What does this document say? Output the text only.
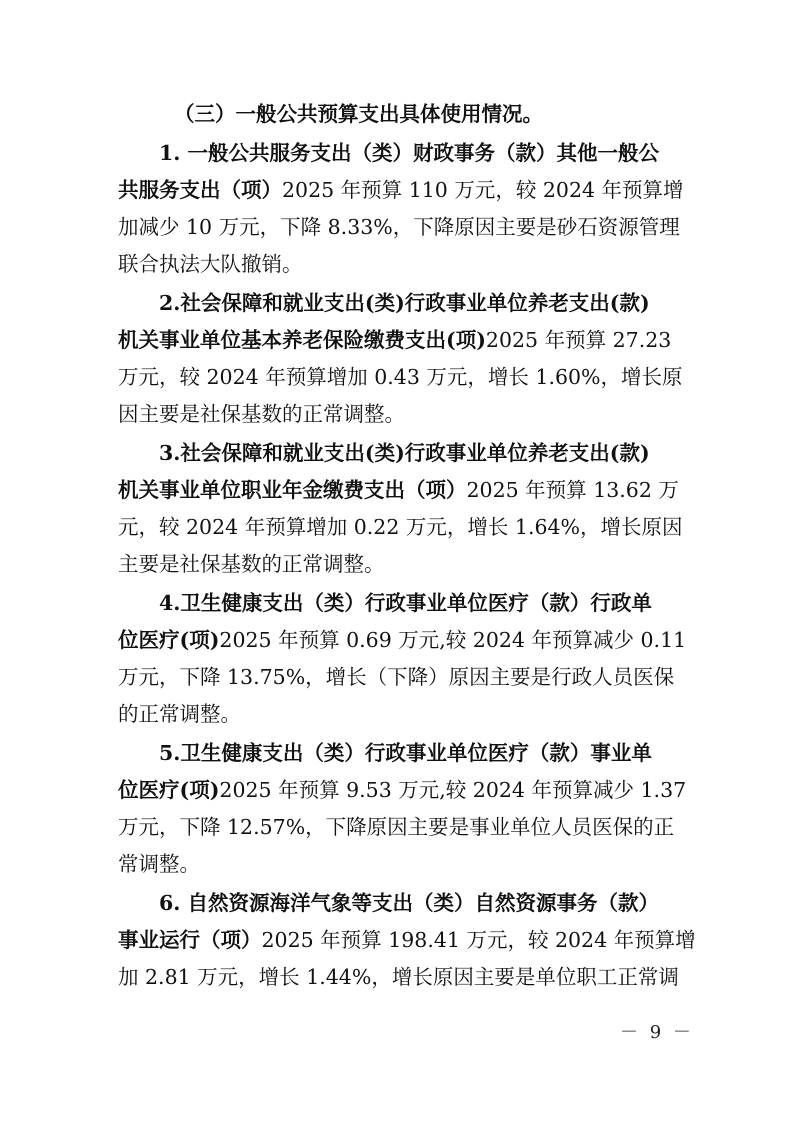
（三）一般公共预算支出具体使用情况。
1. 一般公共服务支出（类）财政事务（款）其他一般公
共服务支出（项）2025 年预算 110 万元，较 2024 年预算增
加减少 10 万元，下降 8.33%，下降原因主要是砂石资源管理
联合执法大队撤销。
2.社会保障和就业支出(类)行政事业单位养老支出(款)
机关事业单位基本养老保险缴费支出(项)2025 年预算 27.23
万元，较 2024 年预算增加 0.43 万元，增长 1.60%，增长原
因主要是社保基数的正常调整。
3.社会保障和就业支出(类)行政事业单位养老支出(款)
机关事业单位职业年金缴费支出（项）2025 年预算 13.62 万
元，较 2024 年预算增加 0.22 万元，增长 1.64%，增长原因
主要是社保基数的正常调整。
4.卫生健康支出（类）行政事业单位医疗（款）行政单
位医疗(项)2025 年预算 0.69 万元,较 2024 年预算减少 0.11
万元，下降 13.75%，增长（下降）原因主要是行政人员医保
的正常调整。
5.卫生健康支出（类）行政事业单位医疗（款）事业单
位医疗(项)2025 年预算 9.53 万元,较 2024 年预算减少 1.37
万元，下降 12.57%，下降原因主要是事业单位人员医保的正
常调整。
6. 自然资源海洋气象等支出（类）自然资源事务（款）
事业运行（项）2025 年预算 198.41 万元，较 2024 年预算增
加 2.81 万元，增长 1.44%，增长原因主要是单位职工正常调
－ 9 －
